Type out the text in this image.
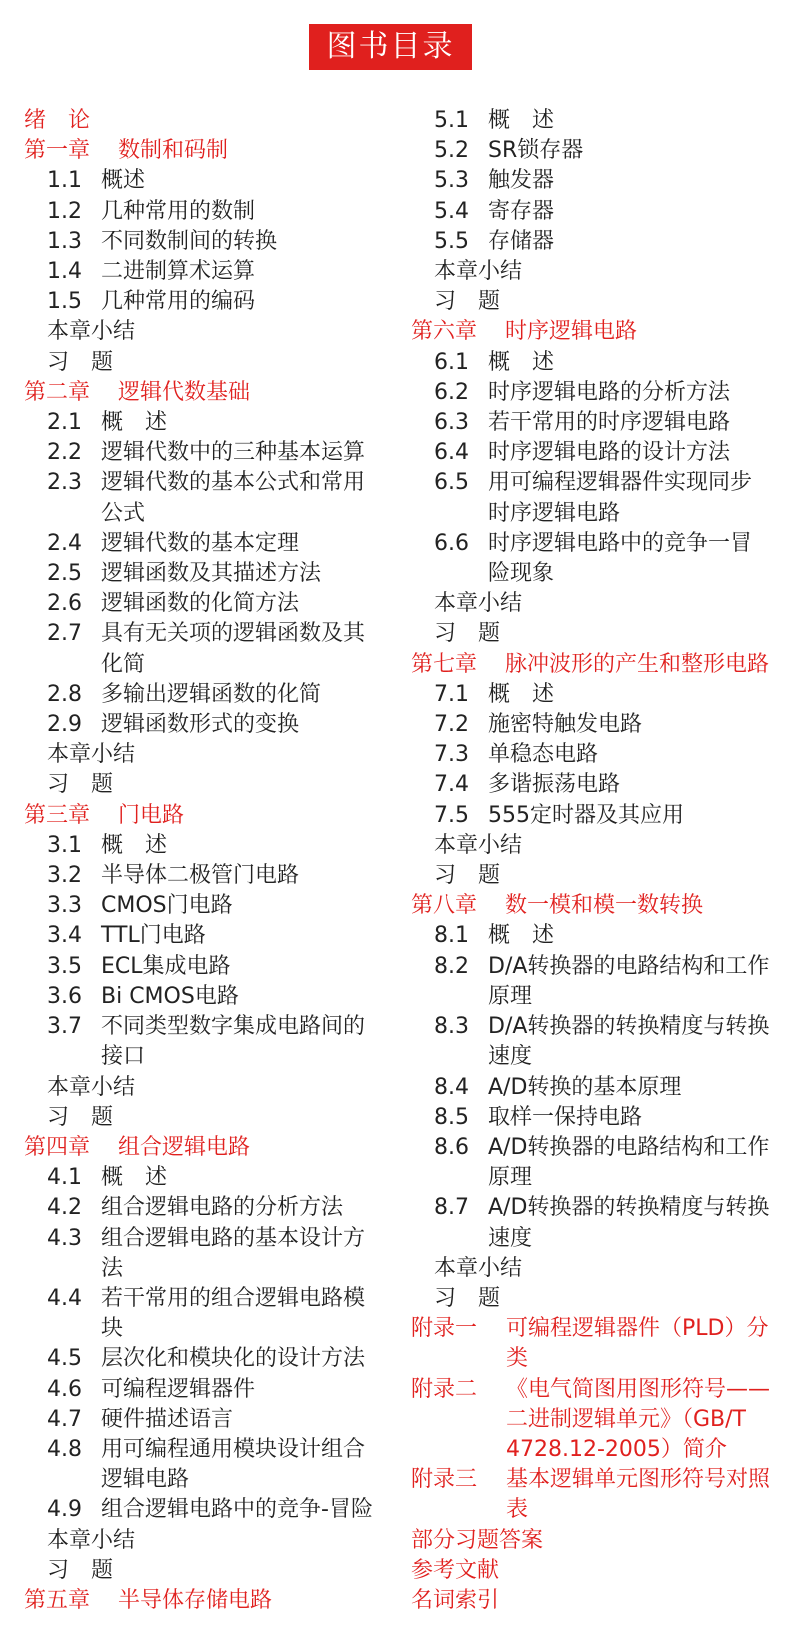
图书目录
绪　论
第一章	数制和码制
1.1 概述
1.2 几种常用的数制
1.3 不同数制间的转换
1.4 二进制算术运算
1.5 几种常用的编码
本章小结
习　题
第二章	逻辑代数基础
2.1 概　述
2.2 逻辑代数中的三种基本运算
2.3 逻辑代数的基本公式和常用公式
2.4 逻辑代数的基本定理
2.5 逻辑函数及其描述方法
2.6 逻辑函数的化简方法
2.7 具有无关项的逻辑函数及其化简
2.8 多输出逻辑函数的化简
2.9 逻辑函数形式的变换
本章小结
习　题
第三章	门电路
3.1 概　述
3.2 半导体二极管门电路
3.3 CMOS门电路
3.4 TTL门电路
3.5 ECL集成电路
3.6 Bi CMOS电路
3.7 不同类型数字集成电路间的接口
本章小结
习　题
第四章	组合逻辑电路
4.1 概　述
4.2 组合逻辑电路的分析方法
4.3 组合逻辑电路的基本设计方法
4.4 若干常用的组合逻辑电路模块
4.5 层次化和模块化的设计方法
4.6 可编程逻辑器件
4.7 硬件描述语言
4.8 用可编程通用模块设计组合逻辑电路
4.9 组合逻辑电路中的竞争-冒险
本章小结
习　题
第五章	半导体存储电路
5.1 概　述
5.2 SR锁存器
5.3 触发器
5.4 寄存器
5.5 存储器
本章小结
习　题
第六章	时序逻辑电路
6.1 概　述
6.2 时序逻辑电路的分析方法
6.3 若干常用的时序逻辑电路
6.4 时序逻辑电路的设计方法
6.5 用可编程逻辑器件实现同步时序逻辑电路
6.6 时序逻辑电路中的竞争一冒险现象
本章小结
习　题
第七章	脉冲波形的产生和整形电路
7.1 概　述
7.2 施密特触发电路
7.3 单稳态电路
7.4 多谐振荡电路
7.5 555定时器及其应用
本章小结
习　题
第八章	数一模和模一数转换
8.1 概　述
8.2 D/A转换器的电路结构和工作原理
8.3 D/A转换器的转换精度与转换速度
8.4 A/D转换的基本原理
8.5 取样一保持电路
8.6 A/D转换器的电路结构和工作原理
8.7 A/D转换器的转换精度与转换速度
本章小结
习　题
附录一	可编程逻辑器件（PLD）分类
附录二	《电气简图用图形符号——二进制逻辑单元》（GB/T 4728.12-2005）简介
附录三	基本逻辑单元图形符号对照表
部分习题答案
参考文献
名词索引
